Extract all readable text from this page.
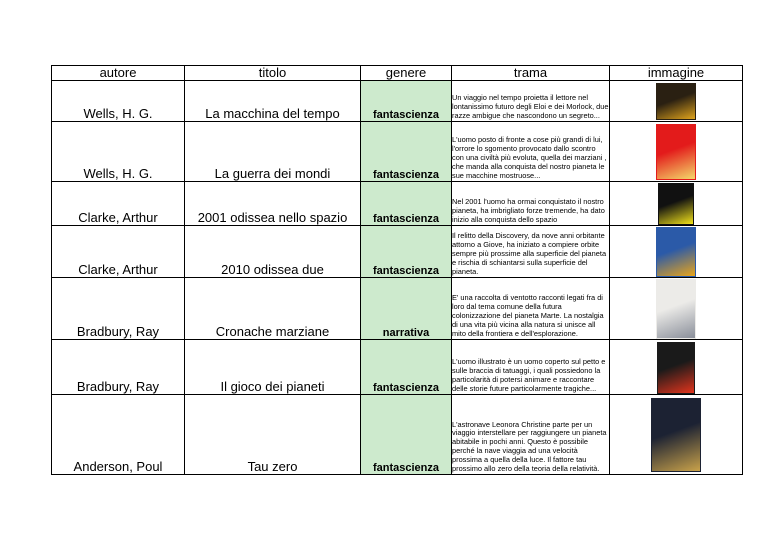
autore	titolo	genere	trama	immagine
Wells, H. G.	La macchina del tempo	fantascienza	Un viaggio nel tempo proietta il lettore nel lontanissimo futuro degli Eloi e dei Morlock, due razze ambigue che nascondono un segreto...	

Wells, H. G.	La guerra dei mondi	fantascienza	L'uomo posto di fronte a cose più grandi di lui, l'orrore lo sgomento provocato dallo scontro con una civiltà più evoluta, quella dei marziani , che manda alla conquista del nostro pianeta le sue macchine mostruose...	

Clarke, Arthur	2001 odissea nello spazio	fantascienza	Nel 2001 l'uomo ha ormai conquistato il nostro pianeta, ha imbrigliato forze tremende, ha dato inizio alla conquista dello spazio	

Clarke, Arthur	2010 odissea due	fantascienza	Il relitto della Discovery, da nove anni orbitante attorno a Giove, ha iniziato a compiere orbite sempre più prossime alla superficie del pianeta e rischia di schiantarsi sulla superficie del pianeta.	

Bradbury, Ray	Cronache marziane	narrativa	E' una raccolta di ventotto racconti legati fra di loro dal tema comune della futura colonizzazione del pianeta Marte. La nostalgia di una vita più vicina alla natura si unisce all mito della frontiera e dell'esplorazione.	

Bradbury, Ray	Il gioco dei pianeti	fantascienza	L'uomo illustrato è un uomo coperto sul petto e sulle braccia di tatuaggi, i quali possiedono la particolarità di potersi animare e raccontare delle storie future particolarmente tragiche...	

Anderson, Poul	Tau zero	fantascienza	L'astronave Leonora Christine parte per un viaggio interstellare per raggiungere un pianeta abitabile in pochi anni. Questo è possibile perché la nave viaggia ad una velocità prossima a quella della luce. Il fattore tau prossimo allo zero della teoria della relatività.	
